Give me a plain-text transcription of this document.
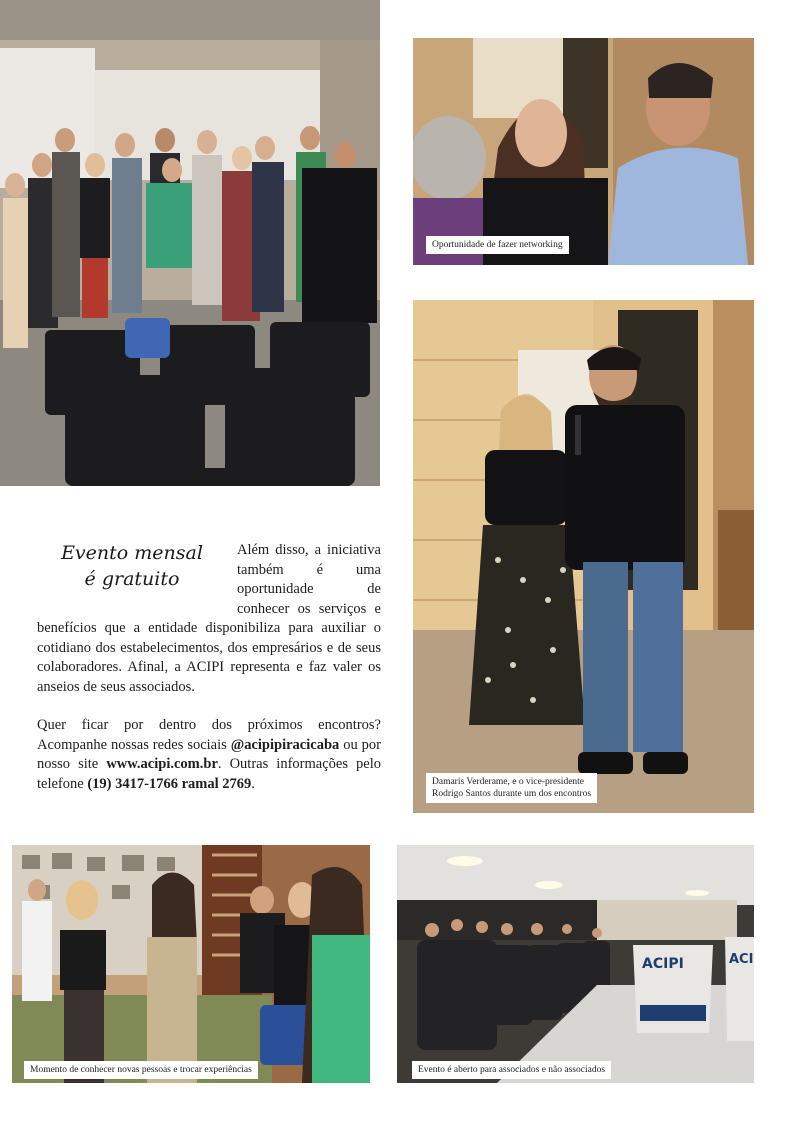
Oportunidade de fazer networking
Damaris Verderame, e o vice-presidente
Rodrigo Santos durante um dos encontros
Evento mensal
é gratuito

Além disso, a iniciativa também é uma oportunidade de conhecer os serviços e benefícios que a entidade disponibiliza para auxiliar o cotidiano dos estabelecimentos, dos empresários e de seus colaboradores. Afinal, a ACIPI representa e faz valer os anseios de seus associados.

Quer ficar por dentro dos próximos encontros? Acompanhe nossas redes sociais @acipipiracicaba ou por nosso site www.acipi.com.br. Outras informações pelo telefone (19) 3417-1766 ramal 2769.

Momento de conhecer novas pessoas e trocar experiências
ACIPI	ACI
Evento é aberto para associados e não associados
